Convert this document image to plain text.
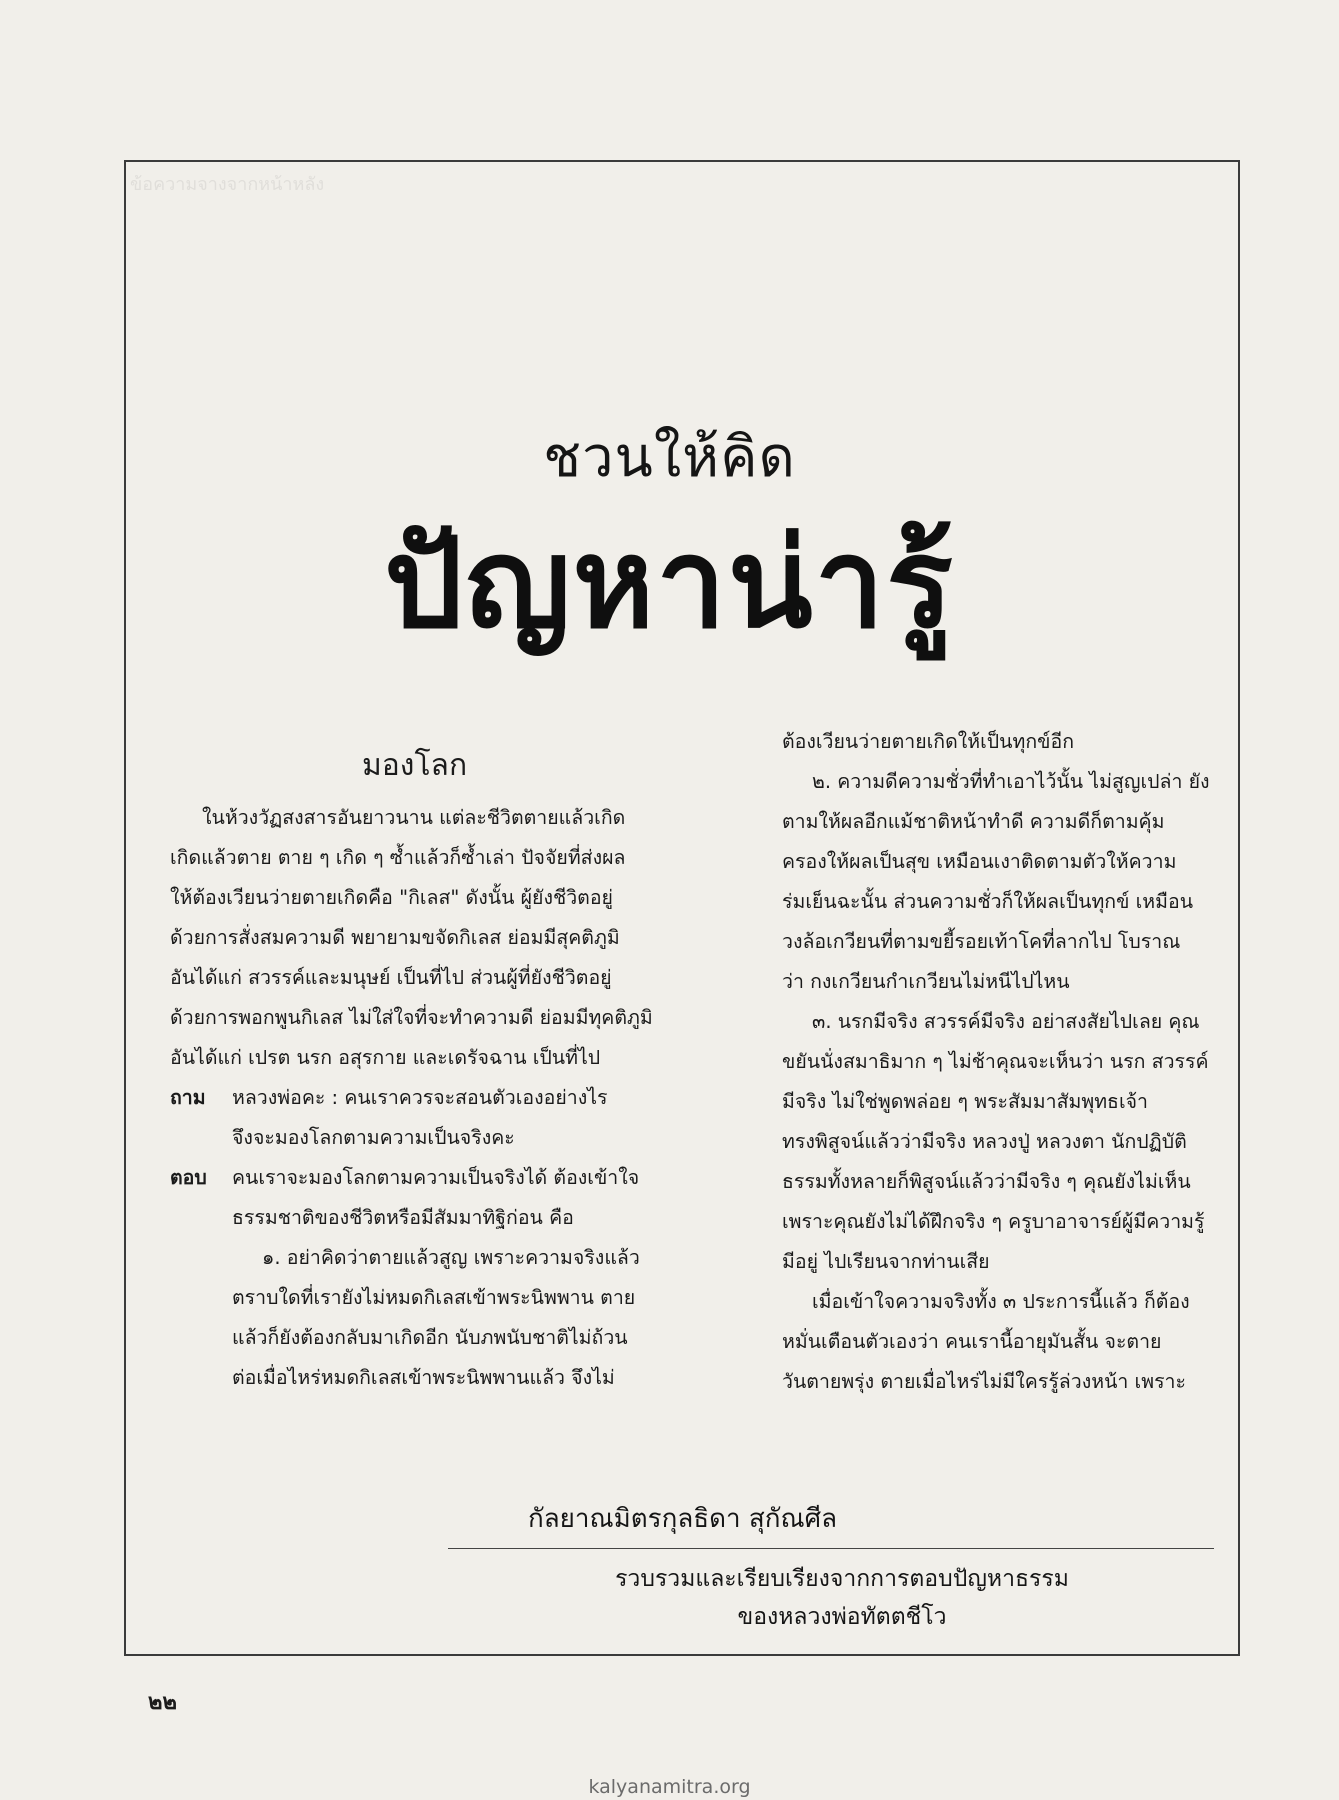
ข้อความจางจากหน้าหลัง
ชวนให้คิด
ปัญหาน่ารู้
มองโลก
ในห้วงวัฏสงสารอันยาวนาน แต่ละชีวิตตายแล้วเกิด
เกิดแล้วตาย ตาย ๆ เกิด ๆ ซ้ำแล้วก็ซ้ำเล่า ปัจจัยที่ส่งผล
ให้ต้องเวียนว่ายตายเกิดคือ "กิเลส" ดังนั้น ผู้ยังชีวิตอยู่
ด้วยการสั่งสมความดี พยายามขจัดกิเลส ย่อมมีสุคติภูมิ
อันได้แก่ สวรรค์และมนุษย์ เป็นที่ไป ส่วนผู้ที่ยังชีวิตอยู่
ด้วยการพอกพูนกิเลส ไม่ใส่ใจที่จะทำความดี ย่อมมีทุคติภูมิ
อันได้แก่ เปรต นรก อสุรกาย และเดรัจฉาน เป็นที่ไป
ถาม	หลวงพ่อคะ : คนเราควรจะสอนตัวเองอย่างไร
จึงจะมองโลกตามความเป็นจริงคะ
ตอบ	คนเราจะมองโลกตามความเป็นจริงได้ ต้องเข้าใจ
ธรรมชาติของชีวิตหรือมีสัมมาทิฐิก่อน คือ
๑. อย่าคิดว่าตายแล้วสูญ เพราะความจริงแล้ว
ตราบใดที่เรายังไม่หมดกิเลสเข้าพระนิพพาน ตาย
แล้วก็ยังต้องกลับมาเกิดอีก นับภพนับชาติไม่ถ้วน
ต่อเมื่อไหร่หมดกิเลสเข้าพระนิพพานแล้ว จึงไม่
ต้องเวียนว่ายตายเกิดให้เป็นทุกข์อีก
๒. ความดีความชั่วที่ทำเอาไว้นั้น ไม่สูญเปล่า ยัง
ตามให้ผลอีกแม้ชาติหน้าทำดี ความดีก็ตามคุ้ม
ครองให้ผลเป็นสุข เหมือนเงาติดตามตัวให้ความ
ร่มเย็นฉะนั้น ส่วนความชั่วก็ให้ผลเป็นทุกข์ เหมือน
วงล้อเกวียนที่ตามขยี้รอยเท้าโคที่ลากไป โบราณ
ว่า กงเกวียนกำเกวียนไม่หนีไปไหน
๓. นรกมีจริง สวรรค์มีจริง อย่าสงสัยไปเลย คุณ
ขยันนั่งสมาธิมาก ๆ ไม่ช้าคุณจะเห็นว่า นรก สวรรค์
มีจริง ไม่ใช่พูดพล่อย ๆ พระสัมมาสัมพุทธเจ้า
ทรงพิสูจน์แล้วว่ามีจริง หลวงปู่ หลวงตา นักปฏิบัติ
ธรรมทั้งหลายก็พิสูจน์แล้วว่ามีจริง ๆ คุณยังไม่เห็น
เพราะคุณยังไม่ได้ฝึกจริง ๆ ครูบาอาจารย์ผู้มีความรู้
มีอยู่ ไปเรียนจากท่านเสีย
เมื่อเข้าใจความจริงทั้ง ๓ ประการนี้แล้ว ก็ต้อง
หมั่นเตือนตัวเองว่า คนเรานี้อายุมันสั้น จะตาย
วันตายพรุ่ง ตายเมื่อไหร่ไม่มีใครรู้ล่วงหน้า เพราะ
กัลยาณมิตรกุลธิดา สุกัณศีล
รวบรวมและเรียบเรียงจากการตอบปัญหาธรรม
ของหลวงพ่อทัตตชีโว
๒๒
kalyanamitra.org
